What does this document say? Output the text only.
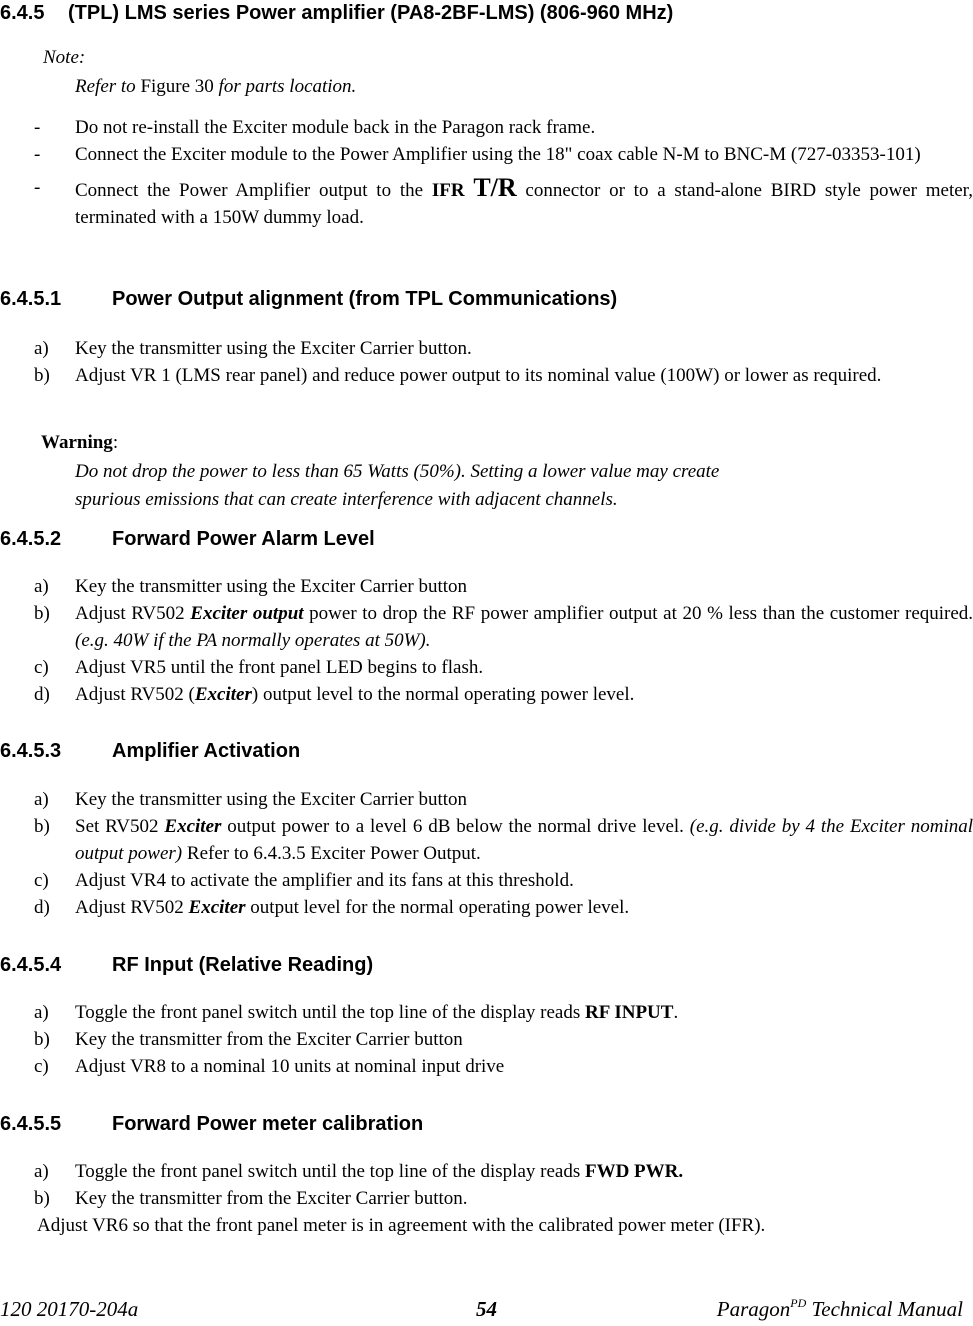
6.4.5 (TPL) LMS series Power amplifier (PA8-2BF-LMS) (806-960 MHz)
Note:
Refer to Figure 30 for parts location.
-	Do not re-install the Exciter module back in the Paragon rack frame.
-	Connect the Exciter module to the Power Amplifier using the 18" coax cable N-M to BNC-M (727-03353-101)
-	Connect the Power Amplifier output to the IFR T/R connector or to a stand-alone BIRD style power meter, terminated with a 150W dummy load.
6.4.5.1	Power Output alignment (from TPL Communications)
a)	Key the transmitter using the Exciter Carrier button.
b)	Adjust VR 1 (LMS rear panel) and reduce power output to its nominal value (100W) or lower as required.
Warning:
Do not drop the power to less than 65 Watts (50%). Setting a lower value may create
spurious emissions that can create interference with adjacent channels.
6.4.5.2	Forward Power Alarm Level
a)	Key the transmitter using the Exciter Carrier button
b)	Adjust RV502 Exciter output power to drop the RF power amplifier output at 20 % less than the customer required. (e.g. 40W if the PA normally operates at 50W).
c)	Adjust VR5 until the front panel LED begins to flash.
d)	Adjust RV502 (Exciter) output level to the normal operating power level.
6.4.5.3	Amplifier Activation
a)	Key the transmitter using the Exciter Carrier button
b)	Set RV502 Exciter output power to a level 6 dB below the normal drive level. (e.g. divide by 4 the Exciter nominal output power) Refer to 6.4.3.5 Exciter Power Output.
c)	Adjust VR4 to activate the amplifier and its fans at this threshold.
d)	Adjust RV502 Exciter output level for the normal operating power level.
6.4.5.4	RF Input (Relative Reading)
a)	Toggle the front panel switch until the top line of the display reads RF INPUT.
b)	Key the transmitter from the Exciter Carrier button
c)	Adjust VR8 to a nominal 10 units at nominal input drive
6.4.5.5	Forward Power meter calibration
a)	Toggle the front panel switch until the top line of the display reads FWD PWR.
b)	Key the transmitter from the Exciter Carrier button.
Adjust VR6 so that the front panel meter is in agreement with the calibrated power meter (IFR).
54
120 20170-204a	Paragon$^{PD}$ Technical Manual
